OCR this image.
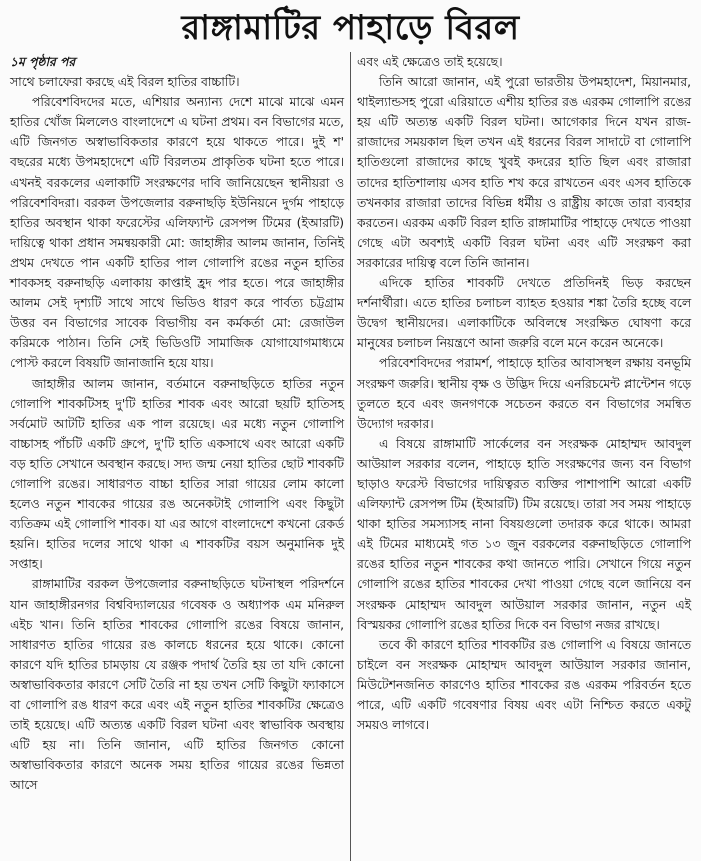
রাঙ্গামাটির পাহাড়ে বিরল
১ম পৃষ্ঠার পর

সাথে চলাফেরা করছে এই বিরল হাতির বাচ্চাটি।

পরিবেশবিদদের মতে, এশিয়ার অন্যান্য দেশে মাঝে মাঝে এমন হাতির খোঁজ মিললেও বাংলাদেশে এ ঘটনা প্রথম। বন বিভাগের মতে, এটি জিনগত অস্বাভাবিকতার কারণে হয়ে থাকতে পারে। দুই শ' বছরের মধ্যে উপমহাদেশে এটি বিরলতম প্রাকৃতিক ঘটনা হতে পারে। এখনই বরকলের এলাকাটি সংরক্ষণের দাবি জানিয়েছেন স্থানীয়রা ও পরিবেশবিদরা। বরকল উপজেলার বরুনাছড়ি ইউনিয়নে দুর্গম পাহাড়ে হাতির অবস্থান থাকা ফরেস্টের এলিফ্যান্ট রেসপন্স টিমের (ইআরটি) দায়িত্বে থাকা প্রধান সমন্বয়কারী মো: জাহাঙ্গীর আলম জানান, তিনিই প্রথম দেখতে পান একটি হাতির পাল গোলাপি রঙের নতুন হাতির শাবকসহ বরুনাছড়ি এলাকায় কাপ্তাই হ্রদ পার হতে। পরে জাহাঙ্গীর আলম সেই দৃশ্যটি সাথে সাথে ভিডিও ধারণ করে পার্বত্য চট্টগ্রাম উত্তর বন বিভাগের সাবেক বিভাগীয় বন কর্মকর্তা মো: রেজাউল করিমকে পাঠান। তিনি সেই ভিডিওটি সামাজিক যোগাযোগমাধ্যমে পোস্ট করলে বিষয়টি জানাজানি হয়ে যায়।

জাহাঙ্গীর আলম জানান, বর্তমানে বরুনাছড়িতে হাতির নতুন গোলাপি শাবকটিসহ দু'টি হাতির শাবক এবং আরো ছয়টি হাতিসহ সর্বমোট আটটি হাতির এক পাল রয়েছে। এর মধ্যে নতুন গোলাপি বাচ্চাসহ পাঁচটি একটি গ্রুপে, দু'টি হাতি একসাথে এবং আরো একটি বড় হাতি সেখানে অবস্থান করছে। সদ্য জন্ম নেয়া হাতির ছোট শাবকটি গোলাপি রঙের। সাধারণত বাচ্চা হাতির সারা গায়ের লোম কালো হলেও নতুন শাবকের গায়ের রঙ অনেকটাই গোলাপি এবং কিছুটা ব্যতিক্রম এই গোলাপি শাবক। যা এর আগে বাংলাদেশে কখনো রেকর্ড হয়নি। হাতির দলের সাথে থাকা এ শাবকটির বয়স অনুমানিক দুই সপ্তাহ।

রাঙ্গামাটির বরকল উপজেলার বরুনাছড়িতে ঘটনাস্থল পরিদর্শনে যান জাহাঙ্গীরনগর বিশ্ববিদ্যালয়ের গবেষক ও অধ্যাপক এম মনিরুল এইচ খান। তিনি হাতির শাবকের গোলাপি রঙের বিষয়ে জানান, সাধারণত হাতির গায়ের রঙ কালচে ধরনের হয়ে থাকে। কোনো কারণে যদি হাতির চামড়ায় যে রঞ্জক পদার্থ তৈরি হয় তা যদি কোনো অস্বাভাবিকতার কারণে সেটি তৈরি না হয় তখন সেটি কিছুটা ফ্যাকাসে বা গোলাপি রঙ ধারণ করে এবং এই নতুন হাতির শাবকটির ক্ষেত্রেও তাই হয়েছে। এটি অত্যন্ত একটি বিরল ঘটনা এবং স্বাভাবিক অবস্থায় এটি হয় না। তিনি জানান, এটি হাতির জিনগত কোনো অস্বাভাবিকতার কারণে অনেক সময় হাতির গায়ের রঙের ভিন্নতা আসে

এবং এই ক্ষেত্রেও তাই হয়েছে।

তিনি আরো জানান, এই পুরো ভারতীয় উপমহাদেশ, মিয়ানমার, থাইল্যান্ডসহ পুরো এরিয়াতে এশীয় হাতির রঙ এরকম গোলাপি রঙের হয় এটি অত্যন্ত একটি বিরল ঘটনা। আগেকার দিনে যখন রাজ-রাজাদের সময়কাল ছিল তখন এই ধরনের বিরল সাদাটে বা গোলাপি হাতিগুলো রাজাদের কাছে খুবই কদরের হাতি ছিল এবং রাজারা তাদের হাতিশালায় এসব হাতি শখ করে রাখতেন এবং এসব হাতিকে তখনকার রাজারা তাদের বিভিন্ন ধর্মীয় ও রাষ্ট্রীয় কাজে তারা ব্যবহার করতেন। এরকম একটি বিরল হাতি রাঙ্গামাটির পাহাড়ে দেখতে পাওয়া গেছে এটা অবশ্যই একটি বিরল ঘটনা এবং এটি সংরক্ষণ করা সরকারের দায়িত্ব বলে তিনি জানান।

এদিকে হাতির শাবকটি দেখতে প্রতিদিনই ভিড় করছেন দর্শনার্থীরা। এতে হাতির চলাচল ব্যাহত হওয়ার শঙ্কা তৈরি হচ্ছে বলে উদ্বেগ স্থানীয়দের। এলাকাটিকে অবিলম্বে সংরক্ষিত ঘোষণা করে মানুষের চলাচল নিয়ন্ত্রণে আনা জরুরি বলে মনে করেন অনেকে।

পরিবেশবিদদের পরামর্শ, পাহাড়ে হাতির আবাসস্থল রক্ষায় বনভূমি সংরক্ষণ জরুরি। স্থানীয় বৃক্ষ ও উদ্ভিদ দিয়ে এনরিচমেন্ট প্লান্টেশন গড়ে তুলতে হবে এবং জনগণকে সচেতন করতে বন বিভাগের সমন্বিত উদ্যোগ দরকার।

এ বিষয়ে রাঙ্গামাটি সার্কেলের বন সংরক্ষক মোহাম্মদ আবদুল আউয়াল সরকার বলেন, পাহাড়ে হাতি সংরক্ষণের জন্য বন বিভাগ ছাড়াও ফরেস্ট বিভাগের দায়িত্বরত ব্যক্তির পাশাপাশি আরো একটি এলিফ্যান্ট রেসপন্স টিম (ইআরটি) টিম রয়েছে। তারা সব সময় পাহাড়ে থাকা হাতির সমস্যাসহ নানা বিষয়গুলো তদারক করে থাকে। আমরা এই টিমের মাধ্যমেই গত ১৩ জুন বরকলের বরুনাছড়িতে গোলাপি রঙের হাতির নতুন শাবকের কথা জানতে পারি। সেখানে গিয়ে নতুন গোলাপি রঙের হাতির শাবকের দেখা পাওয়া গেছে বলে জানিয়ে বন সংরক্ষক মোহাম্মদ আবদুল আউয়াল সরকার জানান, নতুন এই বিস্ময়কর গোলাপি রঙের হাতির দিকে বন বিভাগ নজর রাখছে।

তবে কী কারণে হাতির শাবকটির রঙ গোলাপি এ বিষয়ে জানতে চাইলে বন সংরক্ষক মোহাম্মদ আবদুল আউয়াল সরকার জানান, মিউটেশনজনিত কারণেও হাতির শাবকের রঙ এরকম পরিবর্তন হতে পারে, এটি একটি গবেষণার বিষয় এবং এটা নিশ্চিত করতে একটু সময়ও লাগবে।
